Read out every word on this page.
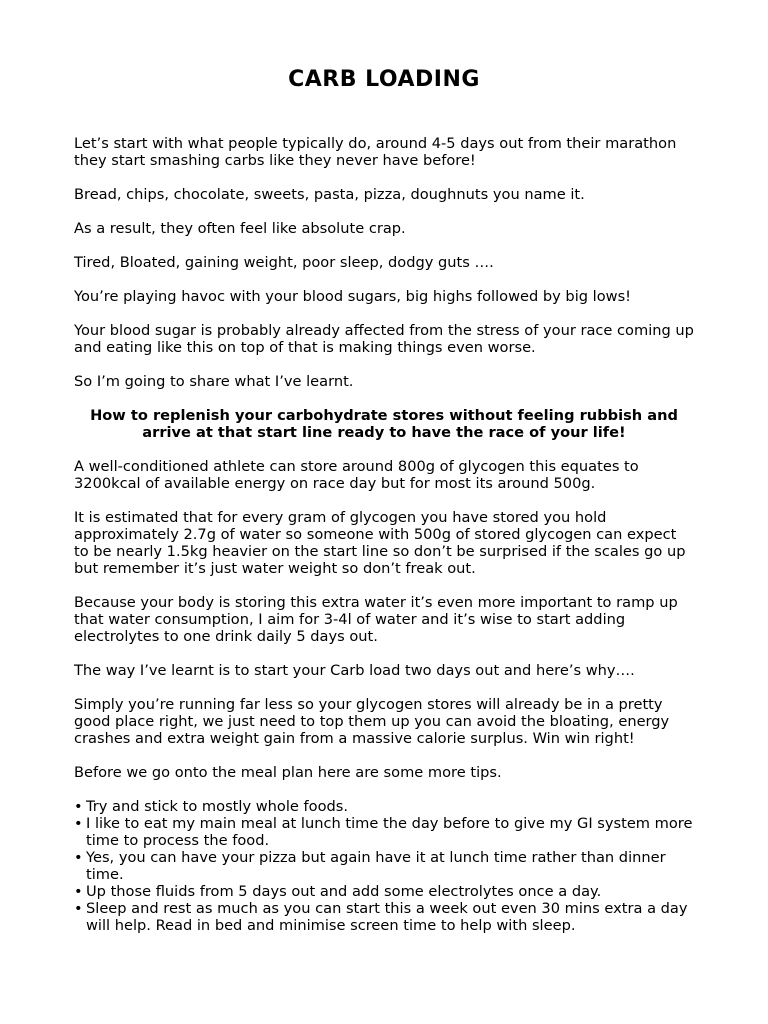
CARB LOADING

Let’s start with what people typically do, around 4-5 days out from their marathon they start smashing carbs like they never have before!

Bread, chips, chocolate, sweets, pasta, pizza, doughnuts you name it.

As a result, they often feel like absolute crap.

Tired, Bloated, gaining weight, poor sleep, dodgy guts ….

You’re playing havoc with your blood sugars, big highs followed by big lows!

Your blood sugar is probably already affected from the stress of your race coming up and eating like this on top of that is making things even worse.

So I’m going to share what I’ve learnt.

How to replenish your carbohydrate stores without feeling rubbish and arrive at that start line ready to have the race of your life!

A well-conditioned athlete can store around 800g of glycogen this equates to 3200kcal of available energy on race day but for most its around 500g.

It is estimated that for every gram of glycogen you have stored you hold approximately 2.7g of water so someone with 500g of stored glycogen can expect to be nearly 1.5kg heavier on the start line so don’t be surprised if the scales go up but remember it’s just water weight so don’t freak out.

Because your body is storing this extra water it’s even more important to ramp up that water consumption, I aim for 3-4l of water and it’s wise to start adding electrolytes to one drink daily 5 days out.

The way I’ve learnt is to start your Carb load two days out and here’s why….

Simply you’re running far less so your glycogen stores will already be in a pretty good place right, we just need to top them up you can avoid the bloating, energy crashes and extra weight gain from a massive calorie surplus. Win win right!

Before we go onto the meal plan here are some more tips.

• Try and stick to mostly whole foods.
• I like to eat my main meal at lunch time the day before to give my GI system more time to process the food.
• Yes, you can have your pizza but again have it at lunch time rather than dinner time.
• Up those fluids from 5 days out and add some electrolytes once a day.
• Sleep and rest as much as you can start this a week out even 30 mins extra a day will help. Read in bed and minimise screen time to help with sleep.
